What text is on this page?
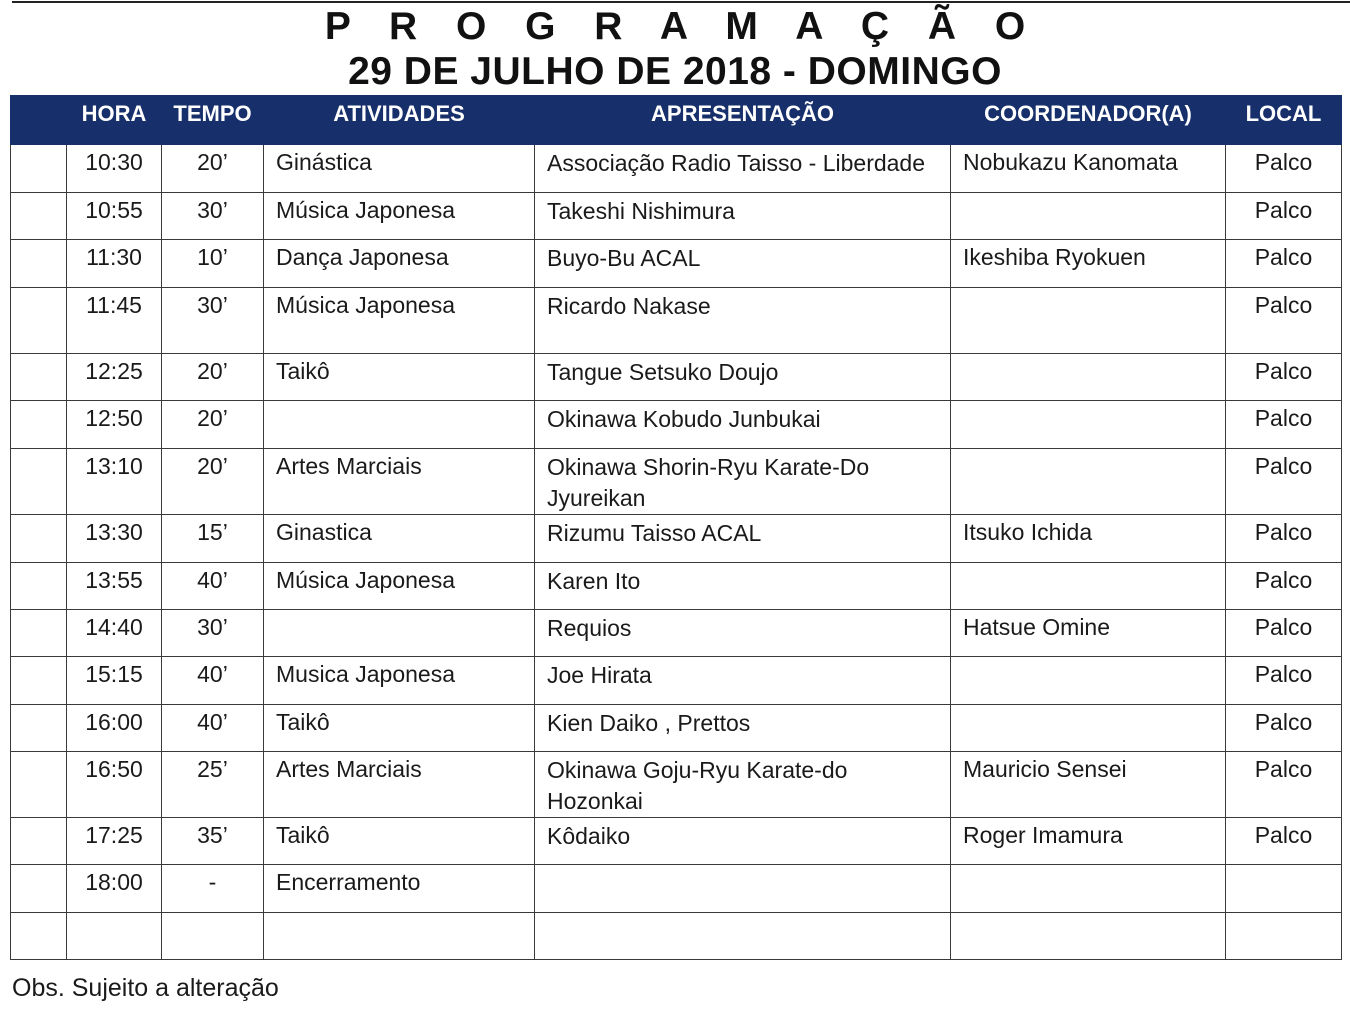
P R O G R A M A Ç Ã O
29 DE JULHO DE 2018 - DOMINGO
	HORA	TEMPO	ATIVIDADES	APRESENTAÇÃO	COORDENADOR(A)	LOCAL
	10:30	20’	Ginástica	Associação Radio Taisso - Liberdade	Nobukazu Kanomata	Palco
	10:55	30’	Música Japonesa	Takeshi Nishimura		Palco
	11:30	10’	Dança Japonesa	Buyo-Bu ACAL	Ikeshiba Ryokuen	Palco
	11:45	30’	Música Japonesa	Ricardo Nakase		Palco
	12:25	20’	Taikô	Tangue Setsuko Doujo		Palco
	12:50	20’		Okinawa Kobudo Junbukai		Palco
	13:10	20’	Artes Marciais	Okinawa Shorin-Ryu Karate-Do Jyureikan		Palco
	13:30	15’	Ginastica	Rizumu Taisso ACAL	Itsuko Ichida	Palco
	13:55	40’	Música Japonesa	Karen Ito		Palco
	14:40	30’		Requios	Hatsue Omine	Palco
	15:15	40’	Musica Japonesa	Joe Hirata		Palco
	16:00	40’	Taikô	Kien Daiko , Prettos		Palco
	16:50	25’	Artes Marciais	Okinawa Goju-Ryu Karate-do Hozonkai	Mauricio Sensei	Palco
	17:25	35’	Taikô	Kôdaiko	Roger Imamura	Palco
	18:00	-	Encerramento			

Obs. Sujeito a alteração
